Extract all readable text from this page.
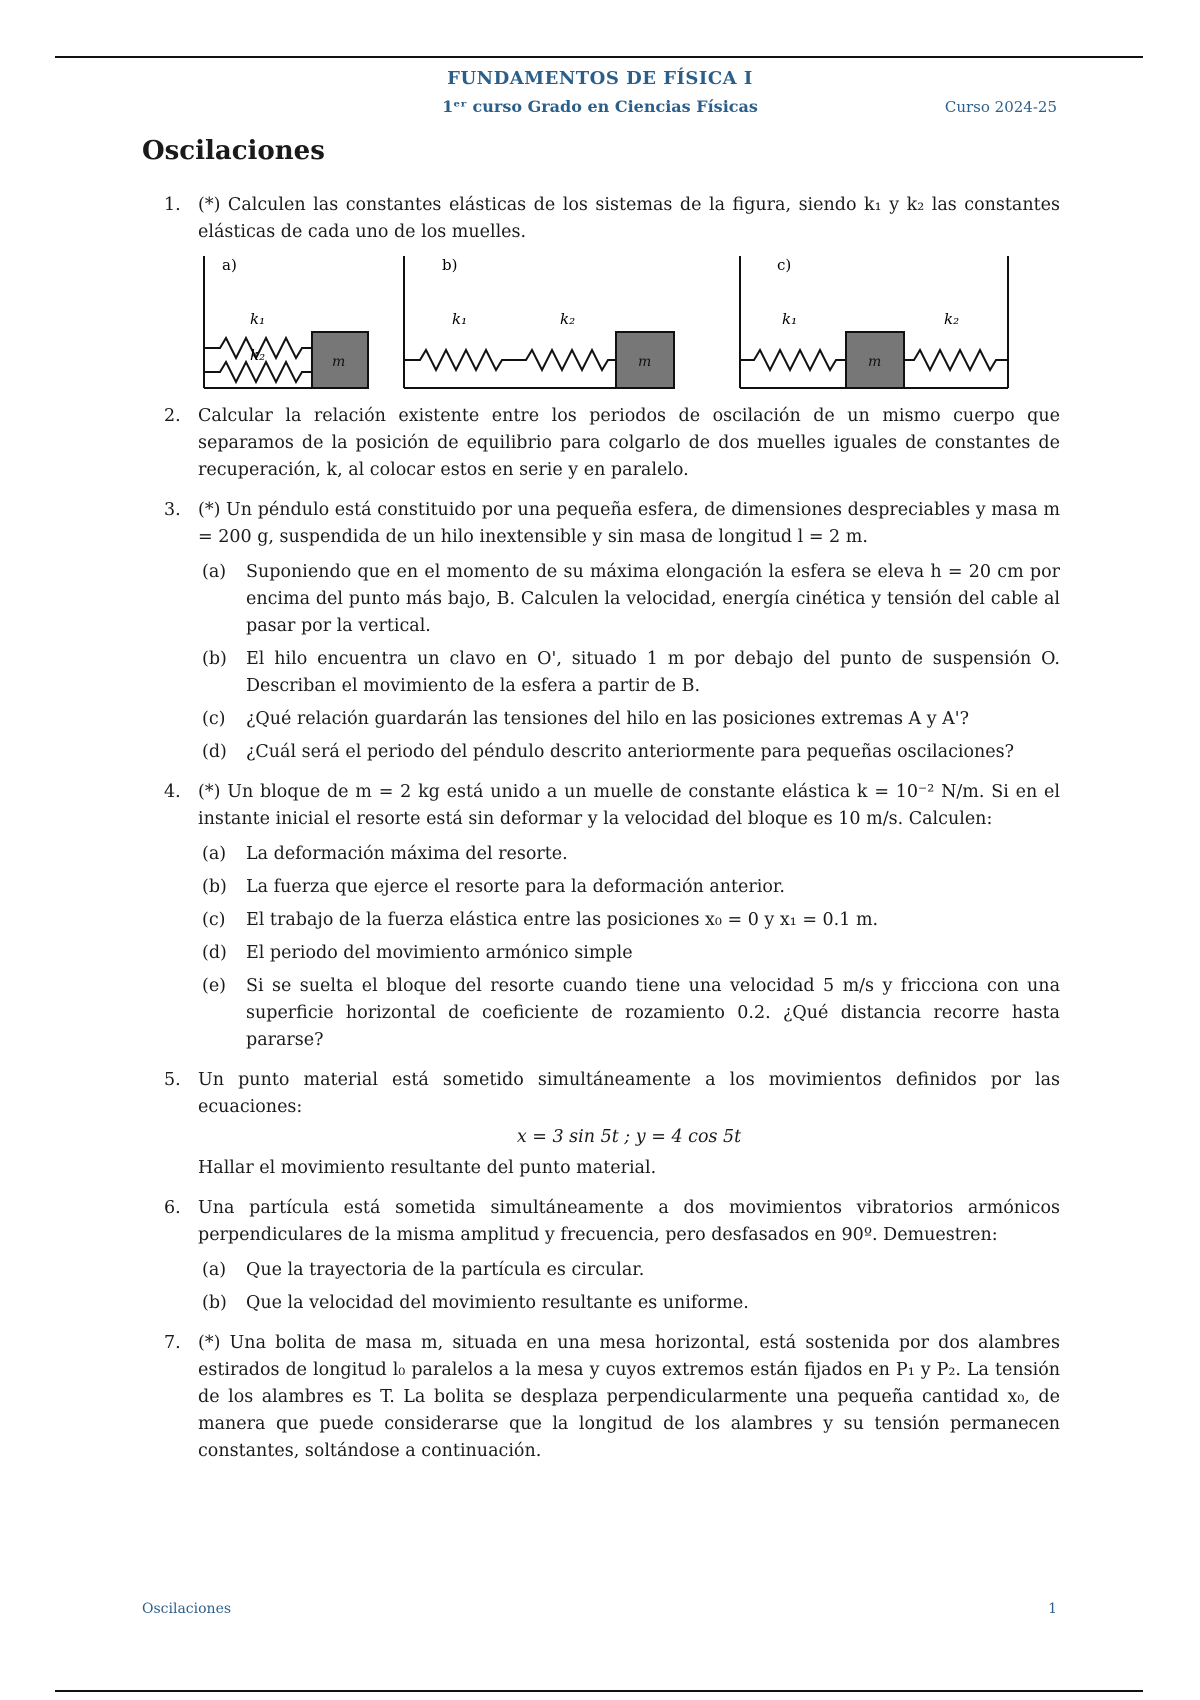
FUNDAMENTOS DE FÍSICA I
1ᵉʳ curso Grado en Ciencias Físicas	Curso 2024-25
Oscilaciones
1. (*) Calculen las constantes elásticas de los sistemas de la figura, siendo k₁ y k₂ las constantes elásticas de cada uno de los muelles.
a)
k₁
k₂	m
b)
k₁	k₂
m
c)
k₁	k₂
m
2. Calcular la relación existente entre los periodos de oscilación de un mismo cuerpo que separamos de la posición de equilibrio para colgarlo de dos muelles iguales de constantes de recuperación, k, al colocar estos en serie y en paralelo.
3. (*) Un péndulo está constituido por una pequeña esfera, de dimensiones despreciables y masa m = 200 g, suspendida de un hilo inextensible y sin masa de longitud l = 2 m.
(a) Suponiendo que en el momento de su máxima elongación la esfera se eleva h = 20 cm por encima del punto más bajo, B. Calculen la velocidad, energía cinética y tensión del cable al pasar por la vertical.
(b) El hilo encuentra un clavo en O', situado 1 m por debajo del punto de suspensión O. Describan el movimiento de la esfera a partir de B.
(c) ¿Qué relación guardarán las tensiones del hilo en las posiciones extremas A y A'?
(d) ¿Cuál será el periodo del péndulo descrito anteriormente para pequeñas oscilaciones?
4. (*) Un bloque de m = 2 kg está unido a un muelle de constante elástica k = 10⁻² N/m. Si en el instante inicial el resorte está sin deformar y la velocidad del bloque es 10 m/s. Calculen:
(a) La deformación máxima del resorte.
(b) La fuerza que ejerce el resorte para la deformación anterior.
(c) El trabajo de la fuerza elástica entre las posiciones x₀ = 0 y x₁ = 0.1 m.
(d) El periodo del movimiento armónico simple
(e) Si se suelta el bloque del resorte cuando tiene una velocidad 5 m/s y fricciona con una superficie horizontal de coeficiente de rozamiento 0.2. ¿Qué distancia recorre hasta pararse?
5. Un punto material está sometido simultáneamente a los movimientos definidos por las ecuaciones:
x = 3 sin 5t ; y = 4 cos 5t
Hallar el movimiento resultante del punto material.
6. Una partícula está sometida simultáneamente a dos movimientos vibratorios armónicos perpendiculares de la misma amplitud y frecuencia, pero desfasados en 90º. Demuestren:
(a) Que la trayectoria de la partícula es circular.
(b) Que la velocidad del movimiento resultante es uniforme.
7. (*) Una bolita de masa m, situada en una mesa horizontal, está sostenida por dos alambres estirados de longitud l₀ paralelos a la mesa y cuyos extremos están fijados en P₁ y P₂. La tensión de los alambres es T. La bolita se desplaza perpendicularmente una pequeña cantidad x₀, de manera que puede considerarse que la longitud de los alambres y su tensión permanecen constantes, soltándose a continuación.
Oscilaciones	1
